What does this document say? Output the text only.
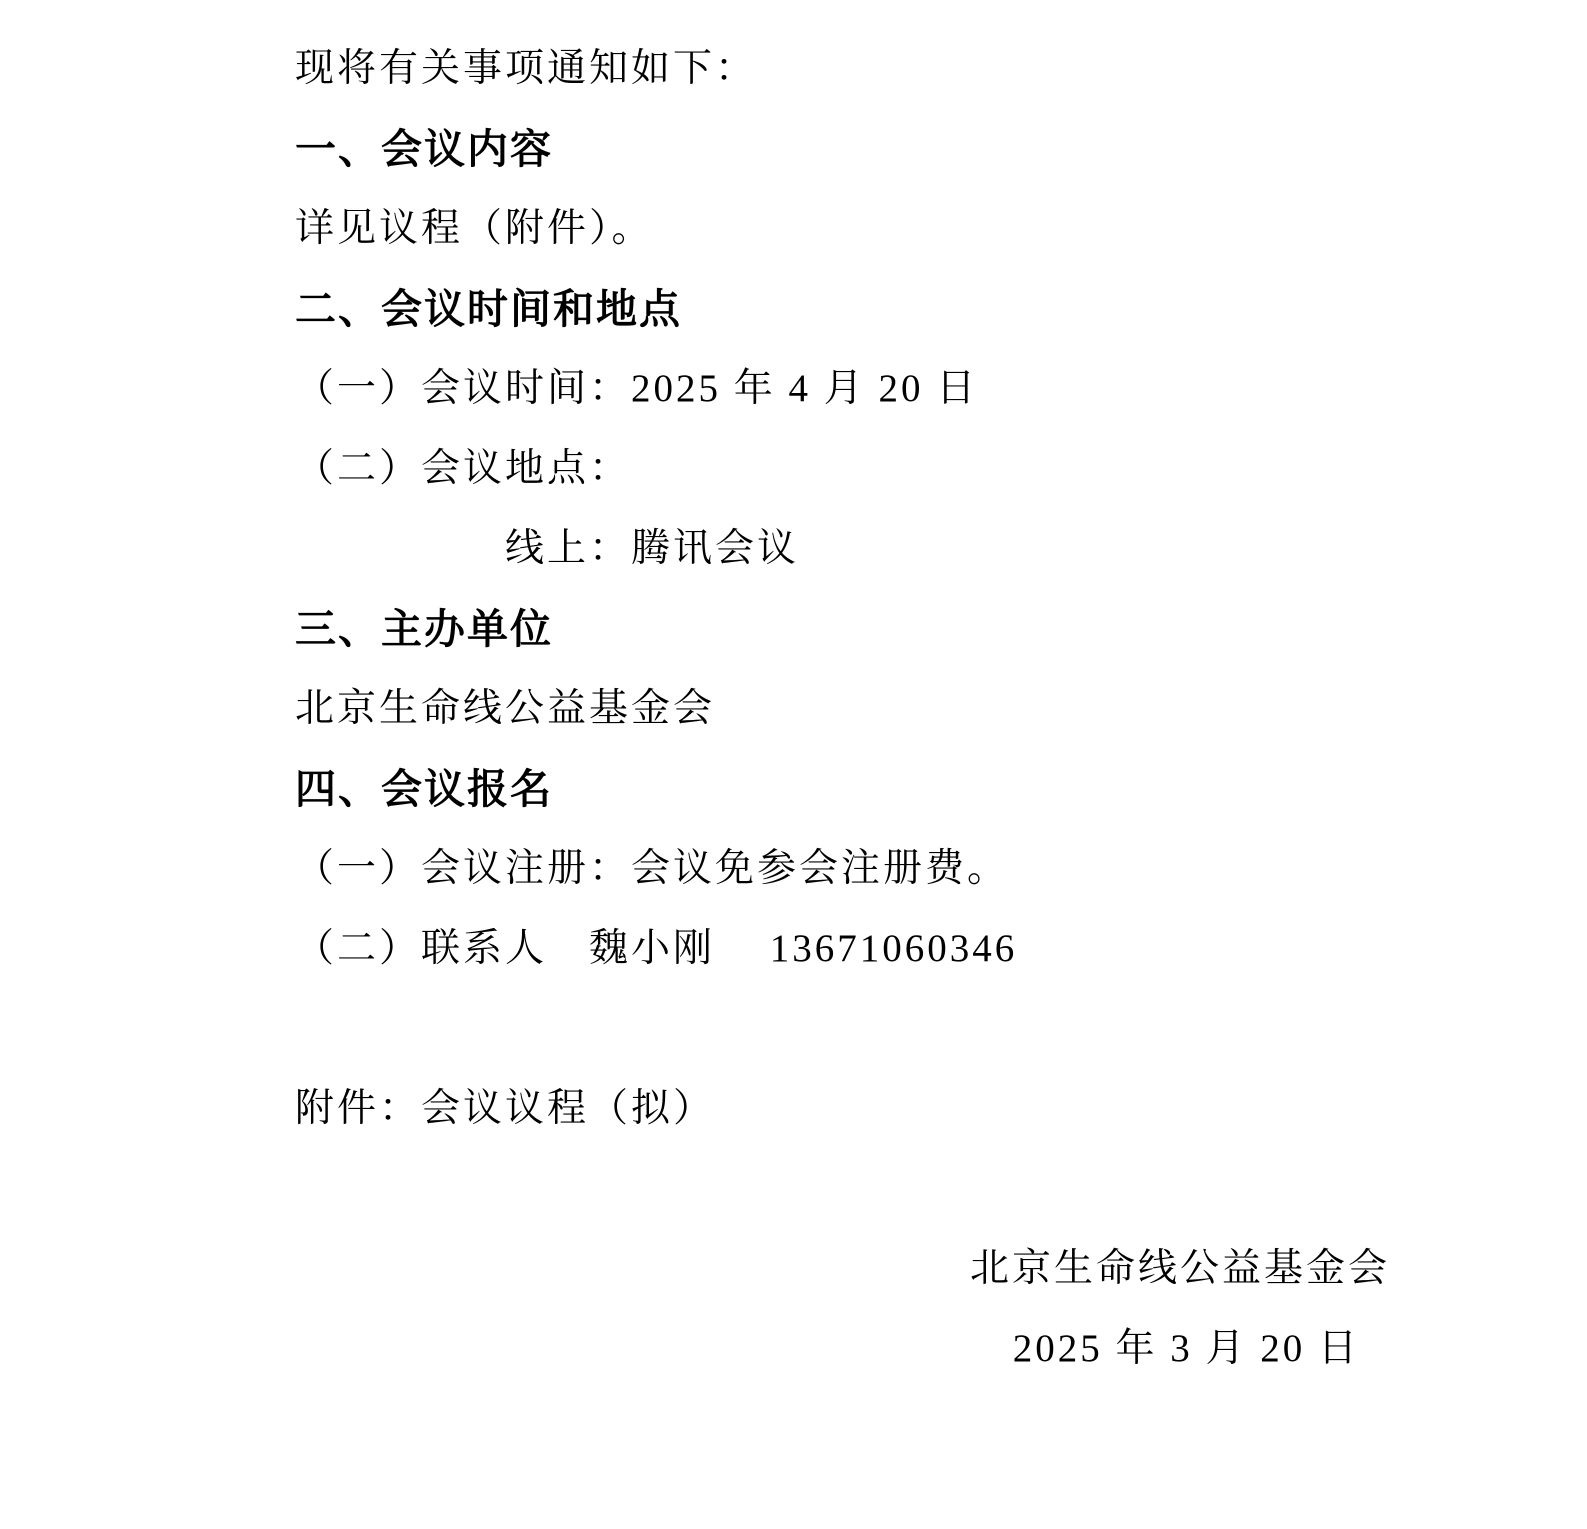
现将有关事项通知如下：

一、会议内容

详见议程（附件）。

二、会议时间和地点

（一）会议时间：2025 年 4 月 20 日

（二）会议地点：

线上：腾讯会议

三、主办单位

北京生命线公益基金会

四、会议报名

（一）会议注册：会议免参会注册费。

（二）联系人　魏小刚　 13671060346

附件：会议议程（拟）

北京生命线公益基金会

2025 年 3 月 20 日
